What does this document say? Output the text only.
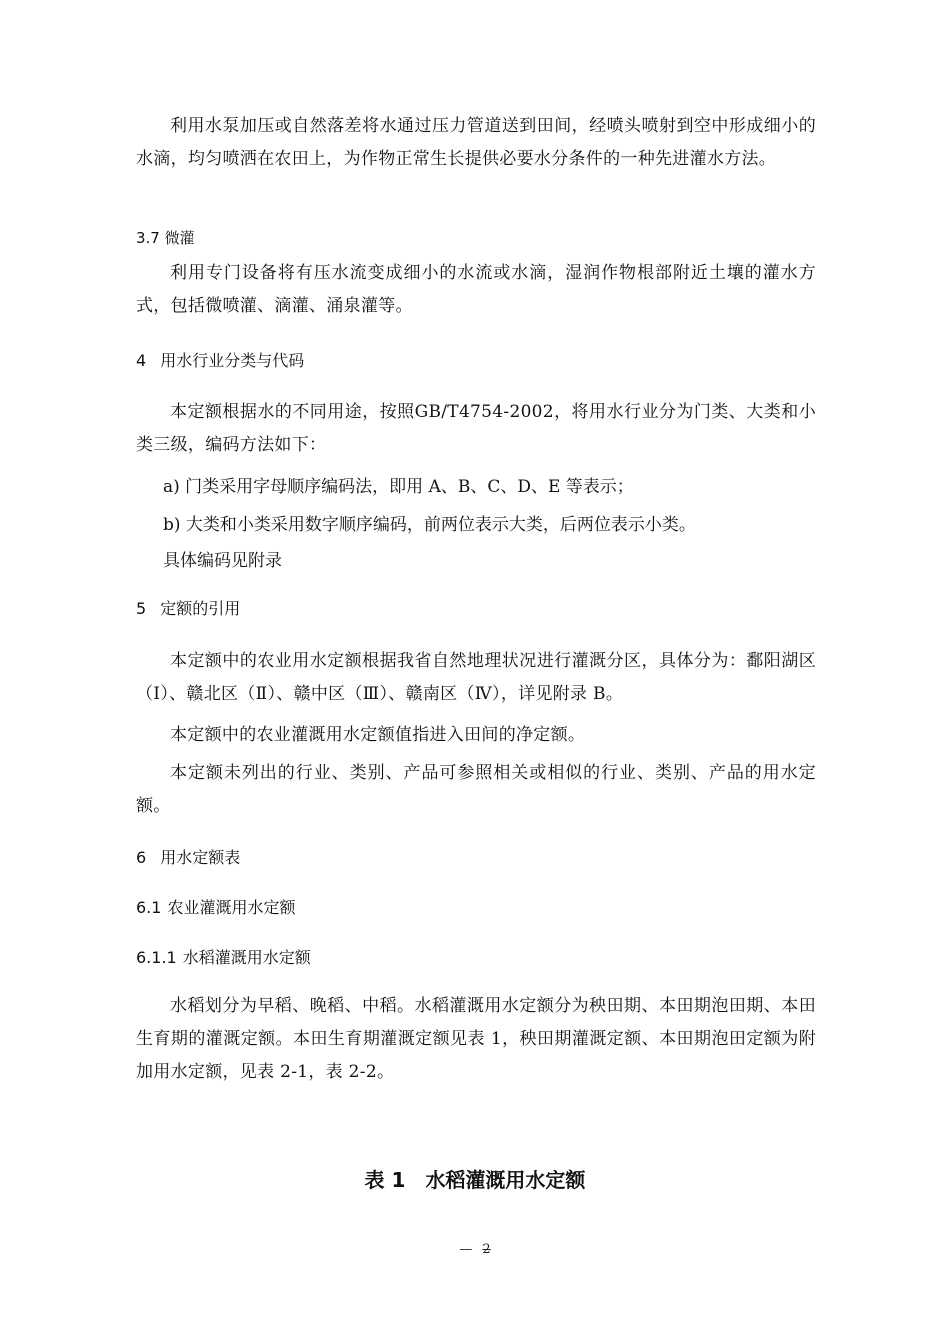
利用水泵加压或自然落差将水通过压力管道送到田间，经喷头喷射到空中形成细小的水滴，均匀喷洒在农田上，为作物正常生长提供必要水分条件的一种先进灌水方法。

3.7 微灌

利用专门设备将有压水流变成细小的水流或水滴，湿润作物根部附近土壤的灌水方式，包括微喷灌、滴灌、涌泉灌等。

4 用水行业分类与代码

本定额根据水的不同用途，按照GB/T4754-2002，将用水行业分为门类、大类和小类三级，编码方法如下：

a) 门类采用字母顺序编码法，即用 A、B、C、D、E 等表示；

b) 大类和小类采用数字顺序编码，前两位表示大类，后两位表示小类。

具体编码见附录

5 定额的引用

本定额中的农业用水定额根据我省自然地理状况进行灌溉分区，具体分为：鄱阳湖区（Ⅰ）、赣北区（Ⅱ）、赣中区（Ⅲ）、赣南区（Ⅳ），详见附录 B。

本定额中的农业灌溉用水定额值指进入田间的净定额。

本定额未列出的行业、类别、产品可参照相关或相似的行业、类别、产品的用水定额。

6 用水定额表

6.1 农业灌溉用水定额

6.1.1 水稻灌溉用水定额

水稻划分为早稻、晚稻、中稻。水稻灌溉用水定额分为秧田期、本田期泡田期、本田生育期的灌溉定额。本田生育期灌溉定额见表 1，秧田期灌溉定额、本田期泡田定额为附加用水定额，见表 2-1，表 2-2。

表 1 水稻灌溉用水定额

— 2
